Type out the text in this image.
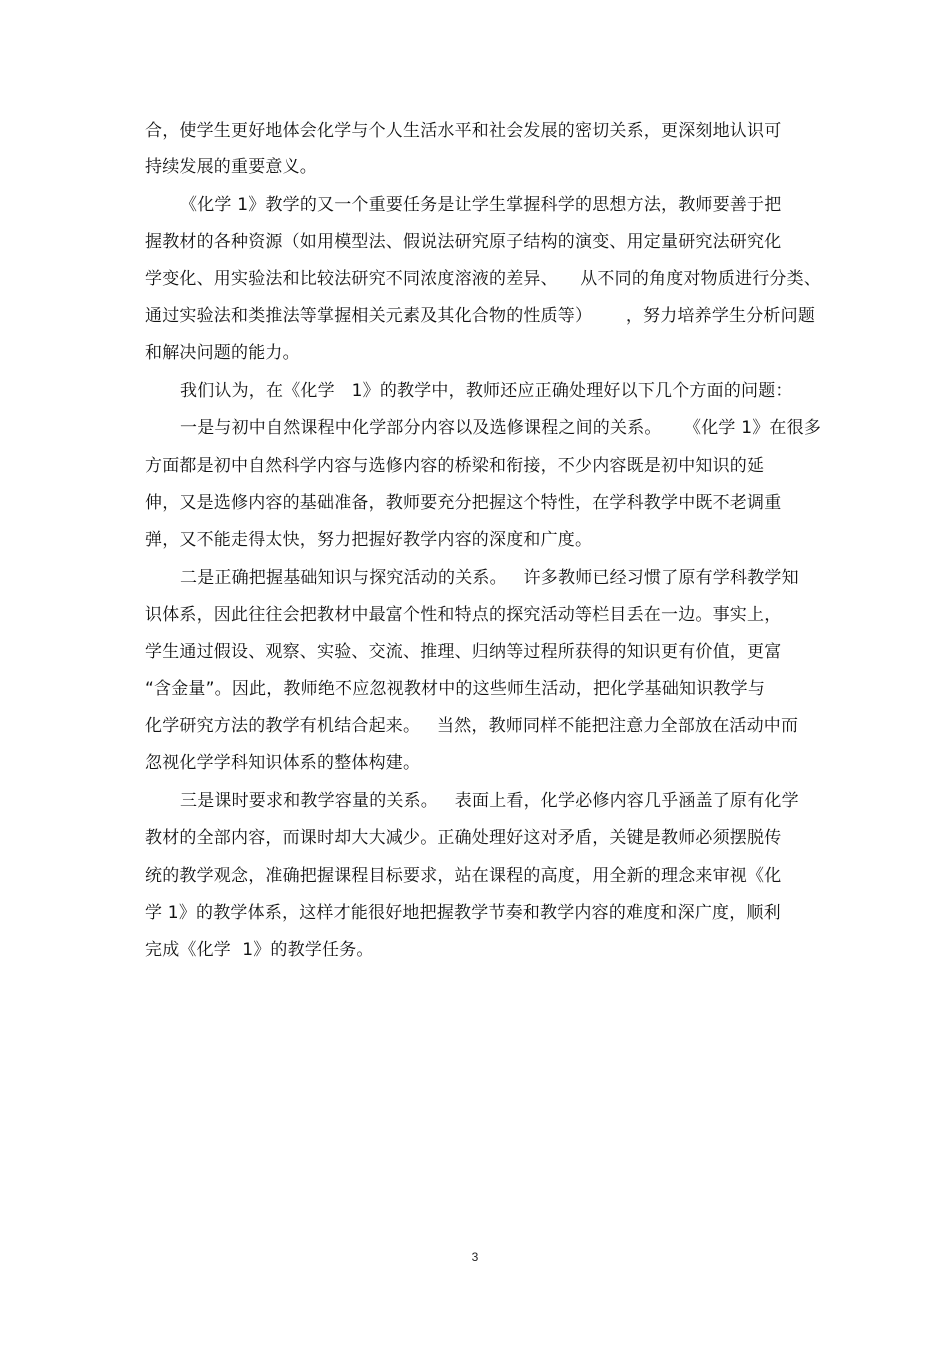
合，使学生更好地体会化学与个人生活水平和社会发展的密切关系，更深刻地认识可
持续发展的重要意义。
《化学 1》教学的又一个重要任务是让学生掌握科学的思想方法，教师要善于把
握教材的各种资源（如用模型法、假说法研究原子结构的演变、用定量研究法研究化
学变化、用实验法和比较法研究不同浓度溶液的差异、    从不同的角度对物质进行分类、
通过实验法和类推法等掌握相关元素及其化合物的性质等）      ，努力培养学生分析问题
和解决问题的能力。
我们认为，在《化学   1》的教学中，教师还应正确处理好以下几个方面的问题：
一是与初中自然课程中化学部分内容以及选修课程之间的关系。    《化学 1》在很多
方面都是初中自然科学内容与选修内容的桥梁和衔接，不少内容既是初中知识的延
伸，又是选修内容的基础准备，教师要充分把握这个特性，在学科教学中既不老调重
弹，又不能走得太快，努力把握好教学内容的深度和广度。
二是正确把握基础知识与探究活动的关系。   许多教师已经习惯了原有学科教学知
识体系，因此往往会把教材中最富个性和特点的探究活动等栏目丢在一边。事实上，
学生通过假设、观察、实验、交流、推理、归纳等过程所获得的知识更有价值，更富
“含金量”。因此，教师绝不应忽视教材中的这些师生活动，把化学基础知识教学与
化学研究方法的教学有机结合起来。   当然，教师同样不能把注意力全部放在活动中而
忽视化学学科知识体系的整体构建。
三是课时要求和教学容量的关系。   表面上看，化学必修内容几乎涵盖了原有化学
教材的全部内容，而课时却大大减少。正确处理好这对矛盾，关键是教师必须摆脱传
统的教学观念，准确把握课程目标要求，站在课程的高度，用全新的理念来审视《化
学 1》的教学体系，这样才能很好地把握教学节奏和教学内容的难度和深广度，顺利
完成《化学  1》的教学任务。
3
